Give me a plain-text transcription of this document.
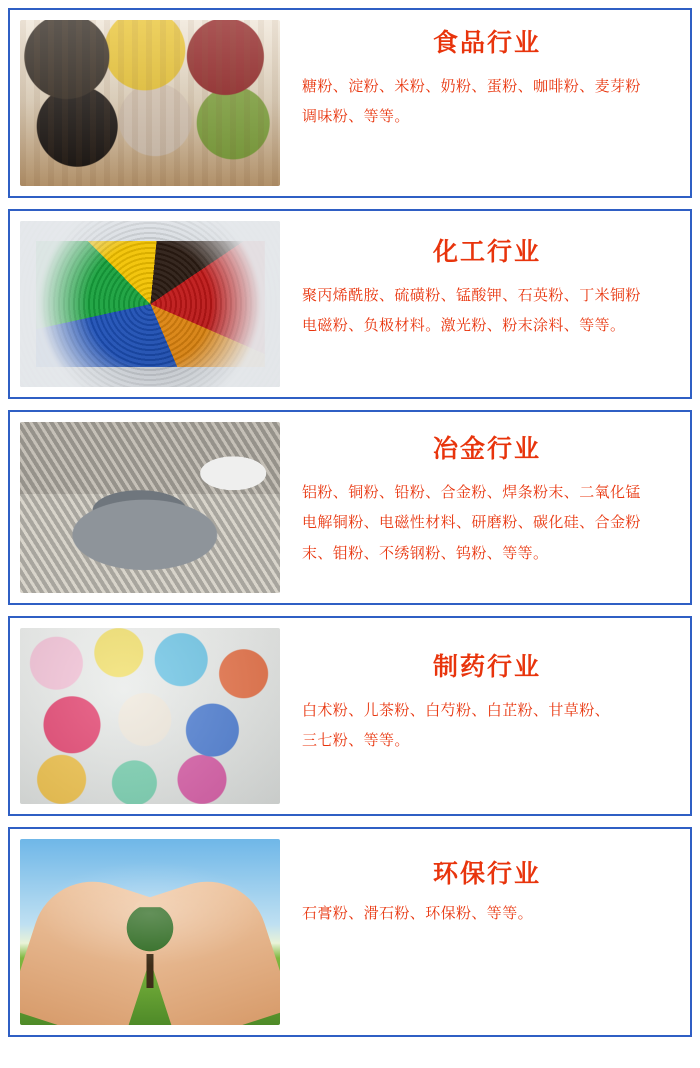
食品行业
糖粉、淀粉、米粉、奶粉、蛋粉、咖啡粉、麦芽粉
调味粉、等等。
化工行业
聚丙烯酰胺、硫磺粉、锰酸钾、石英粉、丁米铜粉
电磁粉、负极材料。激光粉、粉末涂料、等等。
冶金行业
铝粉、铜粉、铅粉、合金粉、焊条粉末、二氧化锰
电解铜粉、电磁性材料、研磨粉、碳化硅、合金粉
末、钼粉、不绣钢粉、钨粉、等等。
制药行业
白术粉、儿茶粉、白芍粉、白芷粉、甘草粉、
三七粉、等等。
环保行业
石膏粉、滑石粉、环保粉、等等。
